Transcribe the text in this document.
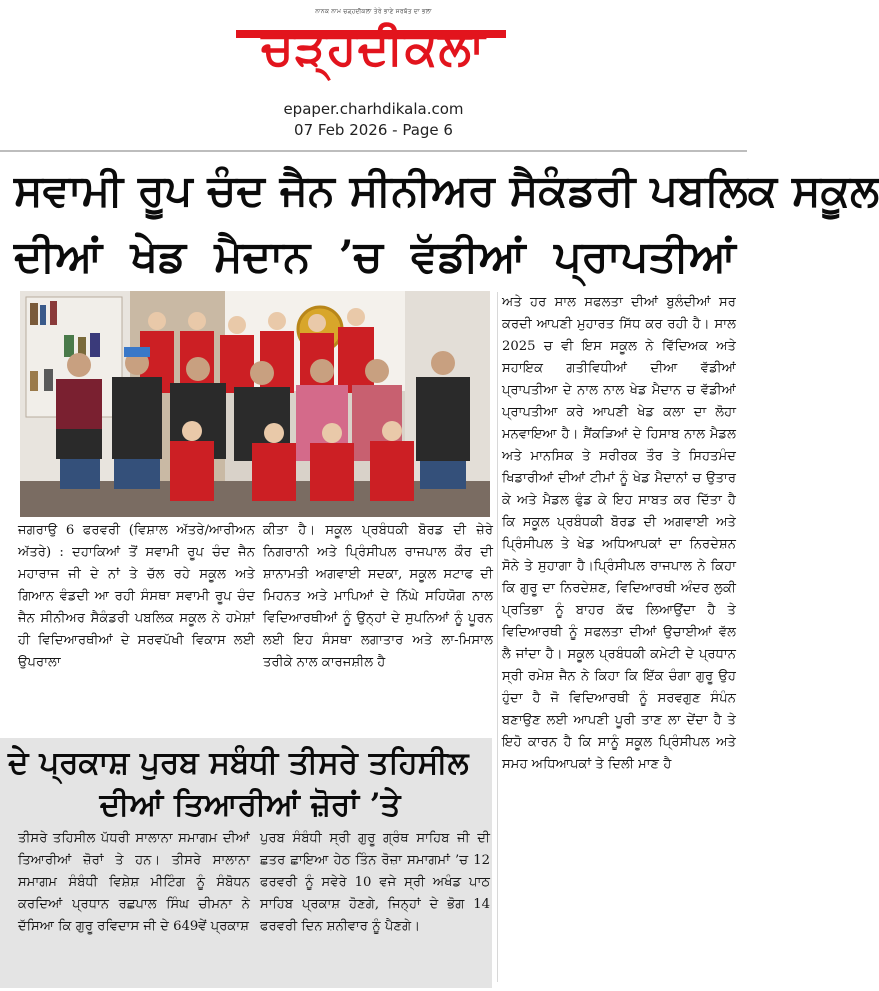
ਨਾਨਕ ਨਾਮ ਚੜ੍ਹਦੀਕਲਾ ਤੇਰੇ ਭਾਣੇ ਸਰਬੱਤ ਦਾ ਭਲਾ
ਚੜ੍ਹਦੀਕਲਾ
epaper.charhdikala.com
07 Feb 2026 - Page 6
ਸਵਾਮੀ ਰੂਪ ਚੰਦ ਜੈਨ ਸੀਨੀਅਰ ਸੈਕੰਡਰੀ ਪਬਲਿਕ ਸਕੂਲ
ਦੀਆਂ ਖੇਡ ਮੈਦਾਨ ’ਚ ਵੱਡੀਆਂ ਪ੍ਰਾਪਤੀਆਂ
ਜਗਰਾਉ 6 ਫਰਵਰੀ (ਵਿਸ਼ਾਲ ਅੱਤਰੇ/ਆਰੀਅਨ ਅੱਤਰੇ) : ਦਹਾਕਿਆਂ ਤੋਂ ਸਵਾਮੀ ਰੂਪ ਚੰਦ ਜੈਨ ਮਹਾਰਾਜ ਜੀ ਦੇ ਨਾਂ ਤੇ ਚੱਲ ਰਹੇ ਸਕੂਲ ਅਤੇ ਗਿਆਨ ਵੰਡਦੀ ਆ ਰਹੀ ਸੰਸਥਾ ਸਵਾਮੀ ਰੂਪ ਚੰਦ ਜੈਨ ਸੀਨੀਅਰ ਸੈਕੰਡਰੀ ਪਬਲਿਕ ਸਕੂਲ ਨੇ ਹਮੇਸ਼ਾਂ ਹੀ ਵਿਦਿਆਰਥੀਆਂ ਦੇ ਸਰਵਪੱਖੀ ਵਿਕਾਸ ਲਈ ਉਪਰਾਲਾ
ਕੀਤਾ ਹੈ। ਸਕੂਲ ਪ੍ਰਬੰਧਕੀ ਬੋਰਡ ਦੀ ਜ਼ੇਰੇ ਨਿਗਰਾਨੀ ਅਤੇ ਪ੍ਰਿੰਸੀਪਲ ਰਾਜਪਾਲ ਕੌਰ ਦੀ ਸ਼ਾਨਾਮਤੀ ਅਗਵਾਈ ਸਦਕਾ, ਸਕੂਲ ਸਟਾਫ ਦੀ ਮਿਹਨਤ ਅਤੇ ਮਾਪਿਆਂ ਦੇ ਨਿੱਘੇ ਸਹਿਯੋਗ ਨਾਲ ਵਿਦਿਆਰਥੀਆਂ ਨੂੰ ਉਨ੍ਹਾਂ ਦੇ ਸੁਪਨਿਆਂ ਨੂੰ ਪੂਰਨ ਲਈ ਇਹ ਸੰਸਥਾ ਲਗਾਤਾਰ ਅਤੇ ਲਾ-ਮਿਸਾਲ ਤਰੀਕੇ ਨਾਲ ਕਾਰਜਸ਼ੀਲ ਹੈ
ਅਤੇ ਹਰ ਸਾਲ ਸਫਲਤਾ ਦੀਆਂ ਬੁਲੰਦੀਆਂ ਸਰ ਕਰਦੀ ਆਪਣੀ ਮੁਹਾਰਤ ਸਿੱਧ ਕਰ ਰਹੀ ਹੈ। ਸਾਲ 2025 ਚ ਵੀ ਇਸ ਸਕੂਲ ਨੇ ਵਿੱਦਿਅਕ ਅਤੇ ਸਹਾਇਕ ਗਤੀਵਿਧੀਆਂ ਦੀਆ ਵੱਡੀਆਂ ਪ੍ਰਾਪਤੀਆ ਦੇ ਨਾਲ ਨਾਲ ਖੇਡ ਮੈਦਾਨ ਚ ਵੱਡੀਆਂ ਪ੍ਰਾਪਤੀਆ ਕਰੇ ਆਪਣੀ ਖੇਡ ਕਲਾ ਦਾ ਲੋਹਾ ਮਨਵਾਇਆ ਹੈ। ਸੈਂਕੜਿਆਂ ਦੇ ਹਿਸਾਬ ਨਾਲ ਮੈਡਲ ਅਤੇ ਮਾਨਸਿਕ ਤੇ ਸਰੀਰਕ ਤੌਰ ਤੇ ਸਿਹਤਮੰਦ ਖਿਡਾਰੀਆਂ ਦੀਆਂ ਟੀਮਾਂ ਨੂੰ ਖੇਡ ਮੈਦਾਨਾਂ ਚ ਉਤਾਰ ਕੇ ਅਤੇ ਮੈਡਲ ਫੁੰਡ ਕੇ ਇਹ ਸਾਬਤ ਕਰ ਦਿੱਤਾ ਹੈ ਕਿ ਸਕੂਲ ਪ੍ਰਬੰਧਕੀ ਬੋਰਡ ਦੀ ਅਗਵਾਈ ਅਤੇ ਪ੍ਰਿੰਸੀਪਲ ਤੇ ਖੇਡ ਅਧਿਆਪਕਾਂ ਦਾ ਨਿਰਦੇਸ਼ਨ ਸੋਨੇ ਤੇ ਸੁਹਾਗਾ ਹੈ।ਪ੍ਰਿੰਸੀਪਲ ਰਾਜਪਾਲ ਨੇ ਕਿਹਾ ਕਿ ਗੁਰੂ ਦਾ ਨਿਰਦੇਸ਼ਣ, ਵਿਦਿਆਰਥੀ ਅੰਦਰ ਲੁਕੀ ਪ੍ਰਤਿਭਾ ਨੂੰ ਬਾਹਰ ਕੱਢ ਲਿਆਉਂਦਾ ਹੈ ਤੇ ਵਿਦਿਆਰਥੀ ਨੂੰ ਸਫਲਤਾ ਦੀਆਂ ਉਚਾਈਆਂ ਵੱਲ ਲੈ ਜਾਂਦਾ ਹੈ। ਸਕੂਲ ਪ੍ਰਬੰਧਕੀ ਕਮੇਟੀ ਦੇ ਪ੍ਰਧਾਨ ਸ੍ਰੀ ਰਮੇਸ਼ ਜੈਨ ਨੇ ਕਿਹਾ ਕਿ ਇੱਕ ਚੰਗਾ ਗੁਰੂ ਉਹ ਹੁੰਦਾ ਹੈ ਜੋ ਵਿਦਿਆਰਥੀ ਨੂੰ ਸਰਵਗੁਣ ਸੰਪੰਨ ਬਣਾਉਣ ਲਈ ਆਪਣੀ ਪੂਰੀ ਤਾਣ ਲਾ ਦੇਂਦਾ ਹੈ ਤੇ ਇਹੋ ਕਾਰਨ ਹੈ ਕਿ ਸਾਨੂੰ ਸਕੂਲ ਪ੍ਰਿੰਸੀਪਲ ਅਤੇ ਸਮਹ ਅਧਿਆਪਕਾਂ ਤੇ ਦਿਲੀ ਮਾਣ ਹੈ
ਦੇ ਪ੍ਰਕਾਸ਼ ਪੁਰਬ ਸਬੰਧੀ ਤੀਸਰੇ ਤਹਿਸੀਲ
ਦੀਆਂ ਤਿਆਰੀਆਂ ਜ਼ੋਰਾਂ ’ਤੇ
ਤੀਸਰੇ ਤਹਿਸੀਲ ਪੱਧਰੀ ਸਾਲਾਨਾ ਸਮਾਗਮ ਦੀਆਂ ਤਿਆਰੀਆਂ ਜ਼ੋਰਾਂ ਤੇ ਹਨ। ਤੀਸਰੇ ਸਾਲਾਨਾ ਸਮਾਗਮ ਸੰਬੰਧੀ ਵਿਸ਼ੇਸ਼ ਮੀਟਿੰਗ ਨੂੰ ਸੰਬੋਧਨ ਕਰਦਿਆਂ ਪ੍ਰਧਾਨ ਰਛਪਾਲ ਸਿੰਘ ਚੀਮਨਾ ਨੇ ਦੱਸਿਆ ਕਿ ਗੁਰੂ ਰਵਿਦਾਸ ਜੀ ਦੇ 649ਵੇਂ ਪ੍ਰਕਾਸ਼
ਪੁਰਬ ਸੰਬੰਧੀ ਸ੍ਰੀ ਗੁਰੂ ਗ੍ਰੰਥ ਸਾਹਿਬ ਜੀ ਦੀ ਛਤਰ ਛਾਇਆ ਹੇਠ ਤਿੰਨ ਰੋਜ਼ਾ ਸਮਾਗਮਾਂ ’ਚ 12 ਫਰਵਰੀ ਨੂੰ ਸਵੇਰੇ 10 ਵਜੇ ਸ੍ਰੀ ਅਖੰਡ ਪਾਠ ਸਾਹਿਬ ਪ੍ਰਕਾਸ਼ ਹੋਣਗੇ, ਜਿਨ੍ਹਾਂ ਦੇ ਭੋਗ 14 ਫਰਵਰੀ ਦਿਨ ਸ਼ਨੀਵਾਰ ਨੂੰ ਪੈਣਗੇ।
